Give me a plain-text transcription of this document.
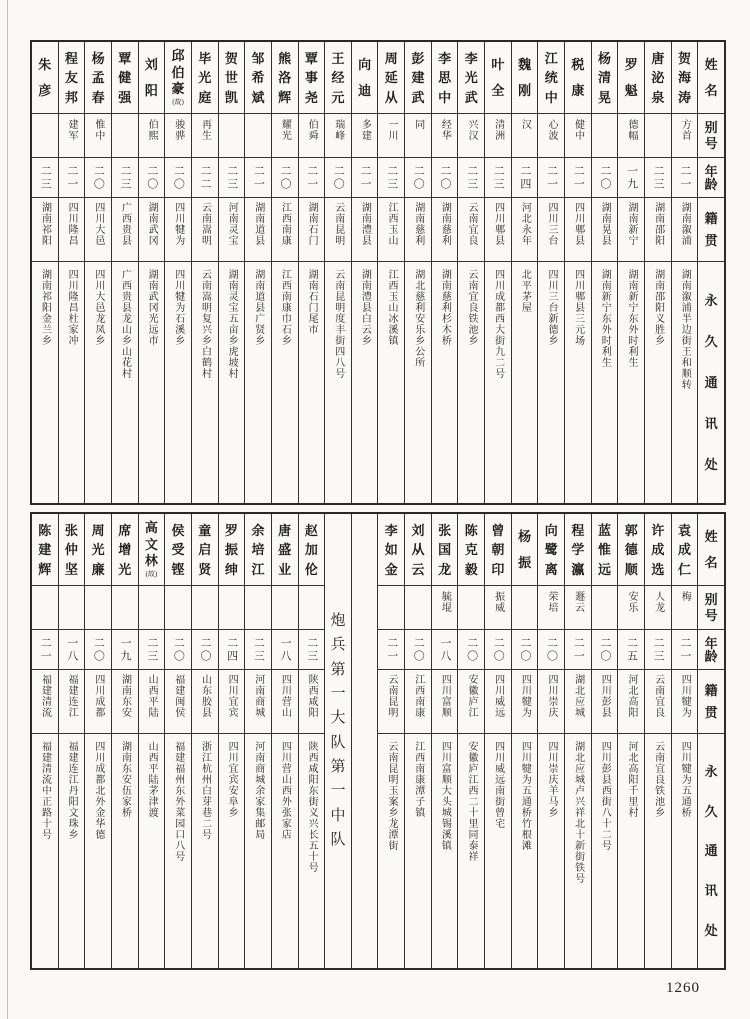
姓
名
别
号
年
龄
籍
贯
永
久
通
讯
处
贺
海
涛
方首
二一
湖南溆浦
湖南溆浦半边街王和顺转
唐
泌
泉
二三
湖南邵阳
湖南邵阳义胜乡
罗
魁
德幅
一九
湖南新宁
湖南新宁东外时利生
杨
清
晃
二〇
湖南晃县
湖南新宁东外时利生
税
康
健中
二一
四川郫县
四川郫县三元场
江
统
中
心波
二一
四川三台
四川三台新德乡
魏
刚
汉
二四
河北永年
北平茅屋
叶
全
清洲
二三
四川郫县
四川成都西大街九二号
李
光
武
兴汉
二三
云南宜良
云南宜良铁池乡
李
思
中
经华
二〇
湖南慈利
湖南慈利杉木桥
彭
建
武
同
二〇
湖南慈利
湖北慈利安乐乡公所
周
延
从
一川
二三
江西玉山
江西玉山冰溪镇
向
迪
多建
二一
湖南澧县
湖南澧县白云乡
王
经
元
瑞峰
二〇
云南昆明
云南昆明度丰街四八号
覃
事
尧
伯舜
二一
湖南石门
湖南石门尾市
熊
洛
辉
耀光
二〇
江西南康
江西南康巾石乡
邹
希
斌
二一
湖南道县
湖南道县广贤乡
贺
世
凯
二三
河南灵宝
湖南灵宝五亩乡虎坡村
毕
光
庭
再生
二二
云南嵩明
云南嵩明复兴乡白鹤村
邱
伯
豪
(故)
骏骅
二〇
四川犍为
四川犍为石溪乡
刘
阳
伯熙
二〇
湖南武冈
湖南武冈光远市
覃
健
强
二三
广西贵县
广西贵县龙山乡山花村
杨
孟
春
惟中
二〇
四川大邑
四川大邑龙凤乡
程
友
邦
建军
二一
四川隆昌
四川隆昌杜家冲
朱
彦
二三
湖南祁阳
湖南祁阳金兰乡
姓
名
别
号
年
龄
籍
贯
永
久
通
讯
处
袁
成
仁
梅
二一
四川犍为
四川犍为五通桥
许
成
选
人龙
二三
云南宜良
云南宜良铁池乡
郭
德
顺
安乐
二五
河北高阳
河北高阳千里村
蓝
惟
远
二〇
四川彭县
四川彭县西街八十二号
程
学
瀛
遯云
二一
湖北应城
湖北应城卢兴祥北十新街铁号
向
鹭
离
荣培
二〇
四川崇庆
四川崇庆羊马乡
杨
振
二〇
四川犍为
四川犍为五通桥竹根滩
曾
朝
印
振威
二〇
四川威远
四川威远南街曾宅
陈
克
毅
二〇
安徽庐江
安徽庐江西二十里同泰祥
张
国
龙
毓堒
一八
四川富顺
四川富顺大头城锡溪镇
刘
从
云
二〇
江西南康
江西南康潭子镇
李
如
金
二一
云南昆明
云南昆明玉案乡龙潭街
炮
兵
第
一
大
队
第
一
中
队
赵
加
伦
二三
陕西咸阳
陕西咸阳东街义兴长五十号
唐
盛
业
一八
四川营山
四川营山西外张家店
余
培
江
二三
河南商城
河南商城余家集邮局
罗
振
绅
二四
四川宜宾
四川宜宾安阜乡
童
启
贤
二〇
山东胶县
浙江杭州白芽巷二号
侯
受
铿
二〇
福建闽侯
福建福州东外菜园口八号
高
文
林
(故)
二三
山西平陆
山西平陆茅津渡
席
增
光
一九
湖南东安
湖南东安伍家桥
周
光
廉
二〇
四川成都
四川成都北外金华德
张
仲
坚
一八
福建连江
福建连江丹阳文珠乡
陈
建
辉
二一
福建清流
福建清流中正路十号
1260
